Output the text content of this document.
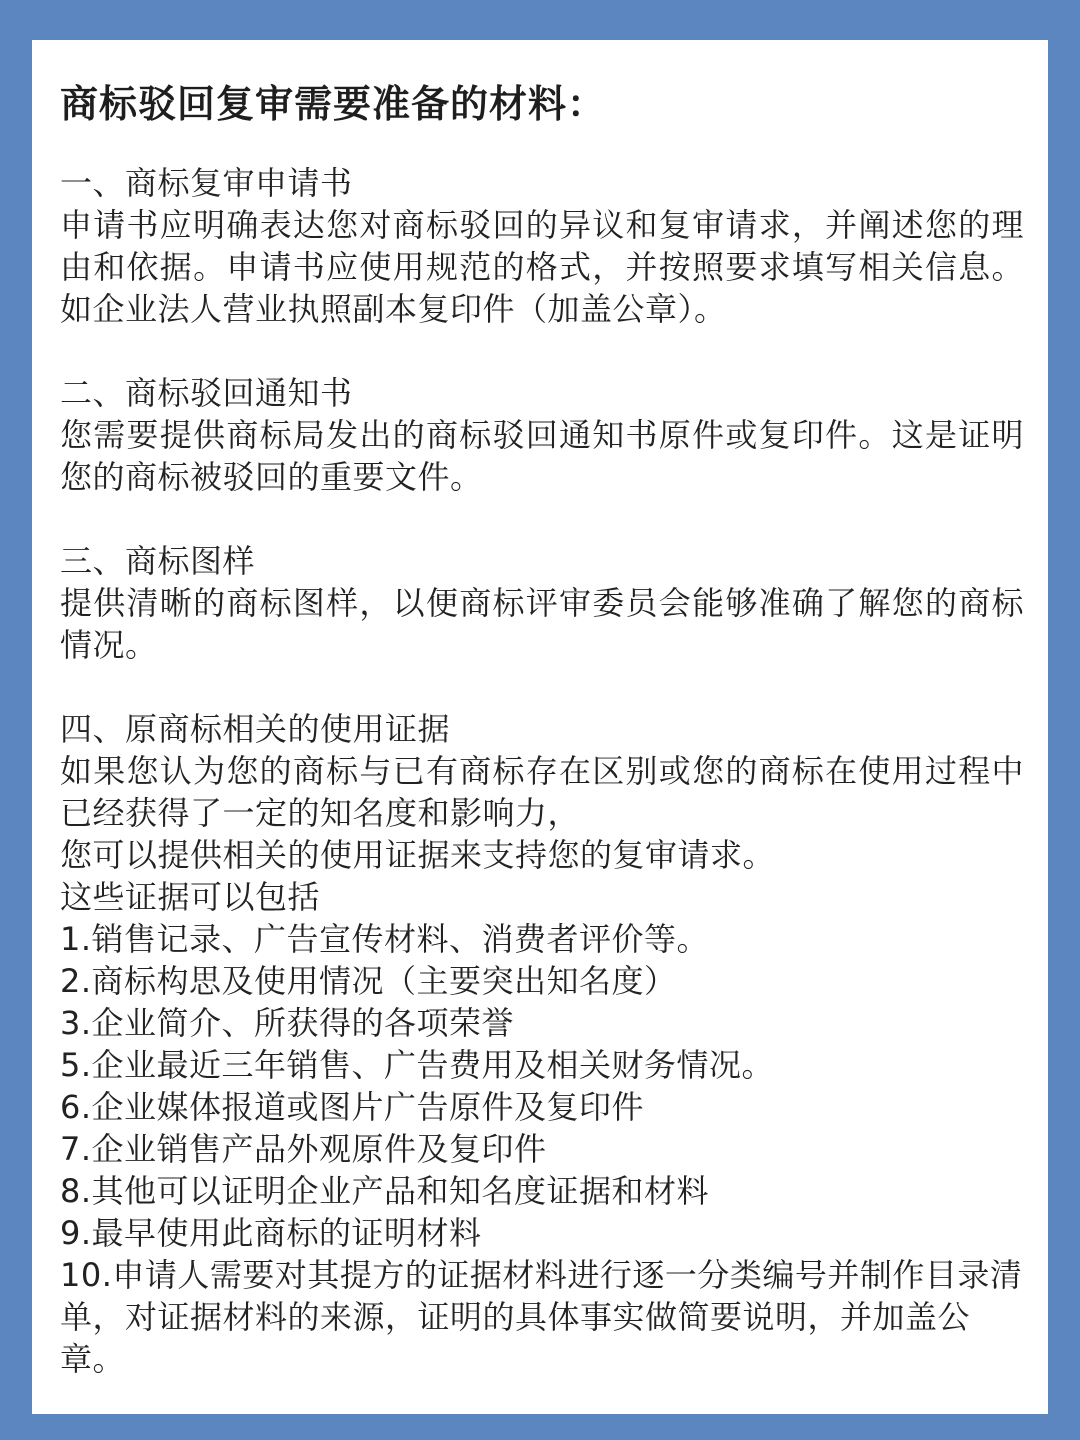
商标驳回复审需要准备的材料：

一、商标复审申请书

申请书应明确表达您对商标驳回的异议和复审请求，并阐述您的理由和依据。申请书应使用规范的格式，并按照要求填写相关信息。如企业法人营业执照副本复印件（加盖公章）。

二、商标驳回通知书

您需要提供商标局发出的商标驳回通知书原件或复印件。这是证明您的商标被驳回的重要文件。

三、商标图样

提供清晰的商标图样，以便商标评审委员会能够准确了解您的商标情况。

四、原商标相关的使用证据

如果您认为您的商标与已有商标存在区别或您的商标在使用过程中已经获得了一定的知名度和影响力，

您可以提供相关的使用证据来支持您的复审请求。

这些证据可以包括

1.销售记录、广告宣传材料、消费者评价等。

2.商标构思及使用情况（主要突出知名度）

3.企业简介、所获得的各项荣誉

5.企业最近三年销售、广告费用及相关财务情况。

6.企业媒体报道或图片广告原件及复印件

7.企业销售产品外观原件及复印件

8.其他可以证明企业产品和知名度证据和材料

9.最早使用此商标的证明材料

10.申请人需要对其提方的证据材料进行逐一分类编号并制作目录清单，对证据材料的来源，证明的具体事实做简要说明，并加盖公章。
